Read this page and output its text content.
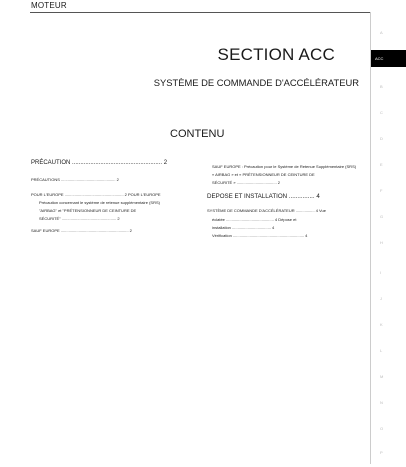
MOTEUR
SECTION ACC
SYSTÈME DE COMMANDE D'ACCÉLÉRATEUR
CONTENU

PRÉCAUTION ...................................................... 2

PRÉCAUTIONS ................................................. 2

POUR L'EUROPE ..................................................... 2 POUR L'EUROPE

Précaution concernant le système de retenue supplémentaire (SRS)

"AIRBAG" et "PRÉTENSIONNEUR DE CEINTURE DE

SÉCURITÉ" ................................................. 2

SAUF EUROPE ............................................................. 2

SAUF EUROPE : Précaution pour le Système de Retenue Supplémentaire (SRS)

« AIRBAG » et « PRÉTENSIONNEUR DE CEINTURE DE

SÉCURITÉ » .................................... 2

DEPOSE ET INSTALLATION ............... 4

SYSTÈME DE COMMANDE D'ACCÉLÉRATEUR ................. 4 Vue

éclatée ........................................... 4 Dépose et

installation ................................... 4

Vérification ................................................................ 4

ACC
A
B
C
D
E
F
G
H
I
J
K
L
M
N
O
P
